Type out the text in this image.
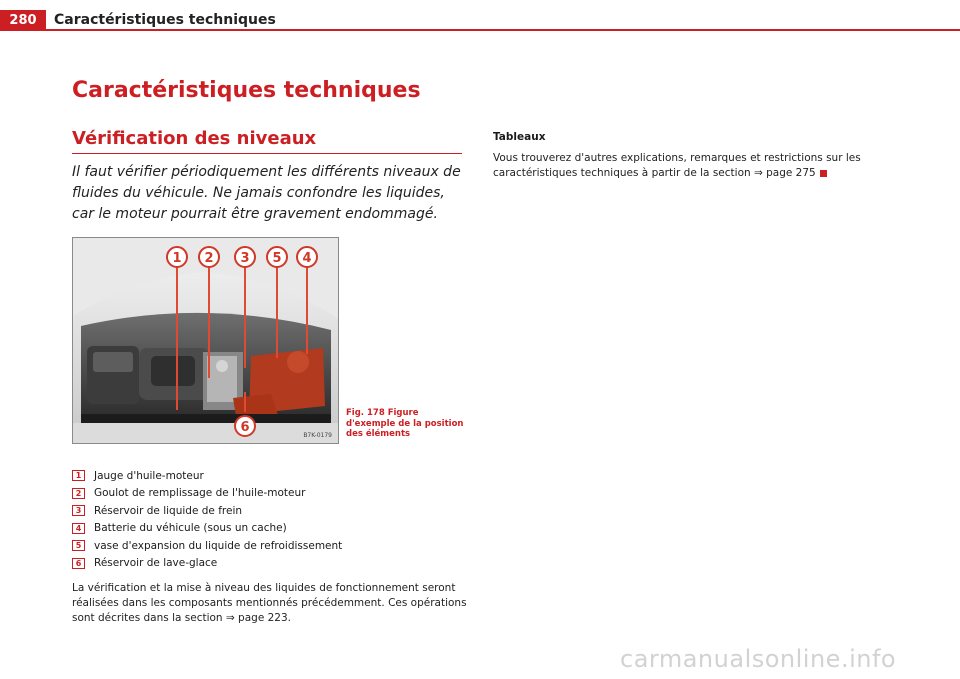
280	Caractéristiques techniques
Caractéristiques techniques
Vérification des niveaux
Il faut vérifier périodiquement les différents niveaux de fluides du véhicule. Ne jamais confondre les liquides, car le moteur pourrait être gravement endommagé.
1 2 3 5 4
6
B7K-0179
Fig. 178 Figure d'exemple de la position des éléments
1	Jauge d'huile-moteur
2	Goulot de remplissage de l'huile-moteur
3	Réservoir de liquide de frein
4	Batterie du véhicule (sous un cache)
5	vase d'expansion du liquide de refroidissement
6	Réservoir de lave-glace
La vérification et la mise à niveau des liquides de fonctionnement seront réalisées dans les composants mentionnés précédemment. Ces opérations sont décrites dans la section ⇒ page 223.
Tableaux
Vous trouverez d'autres explications, remarques et restrictions sur les caractéristiques techniques à partir de la section ⇒ page 275
carmanualsonline.info
